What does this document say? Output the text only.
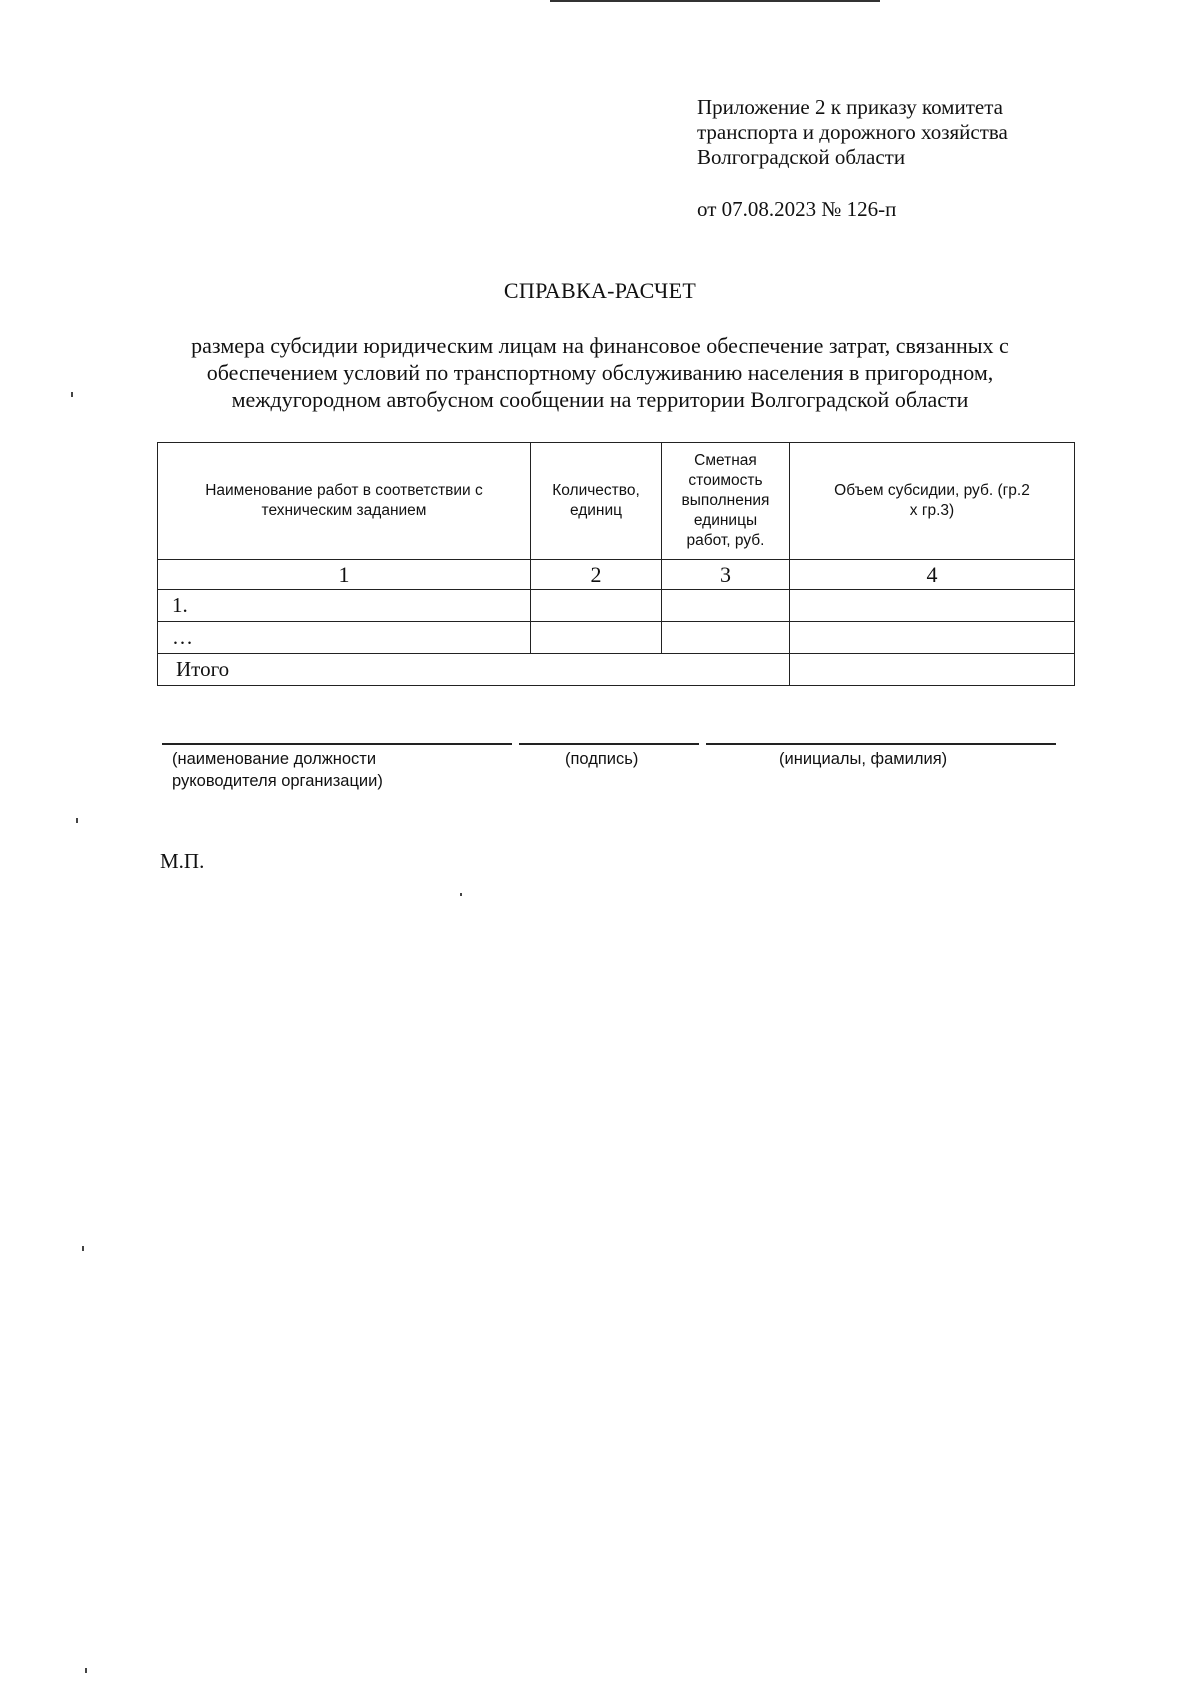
Приложение 2 к приказу комитета
транспорта и дорожного хозяйства
Волгоградской области
от 07.08.2023 № 126-п
СПРАВКА-РАСЧЕТ
размера субсидии юридическим лицам на финансовое обеспечение затрат, связанных с
обеспечением условий по транспортному обслуживанию населения в пригородном,
междугородном автобусном сообщении на территории Волгоградской области
Наименование работ в соответствии с техническим заданием	Количество, единиц	Сметная стоимость выполнения единицы работ, руб.	Объем субсидии, руб. (гр.2 х гр.3)
1	2	3	4
1.			
…			
Итого			
(наименование должности руководителя организации)
(подпись)	(инициалы, фамилия)
М.П.
